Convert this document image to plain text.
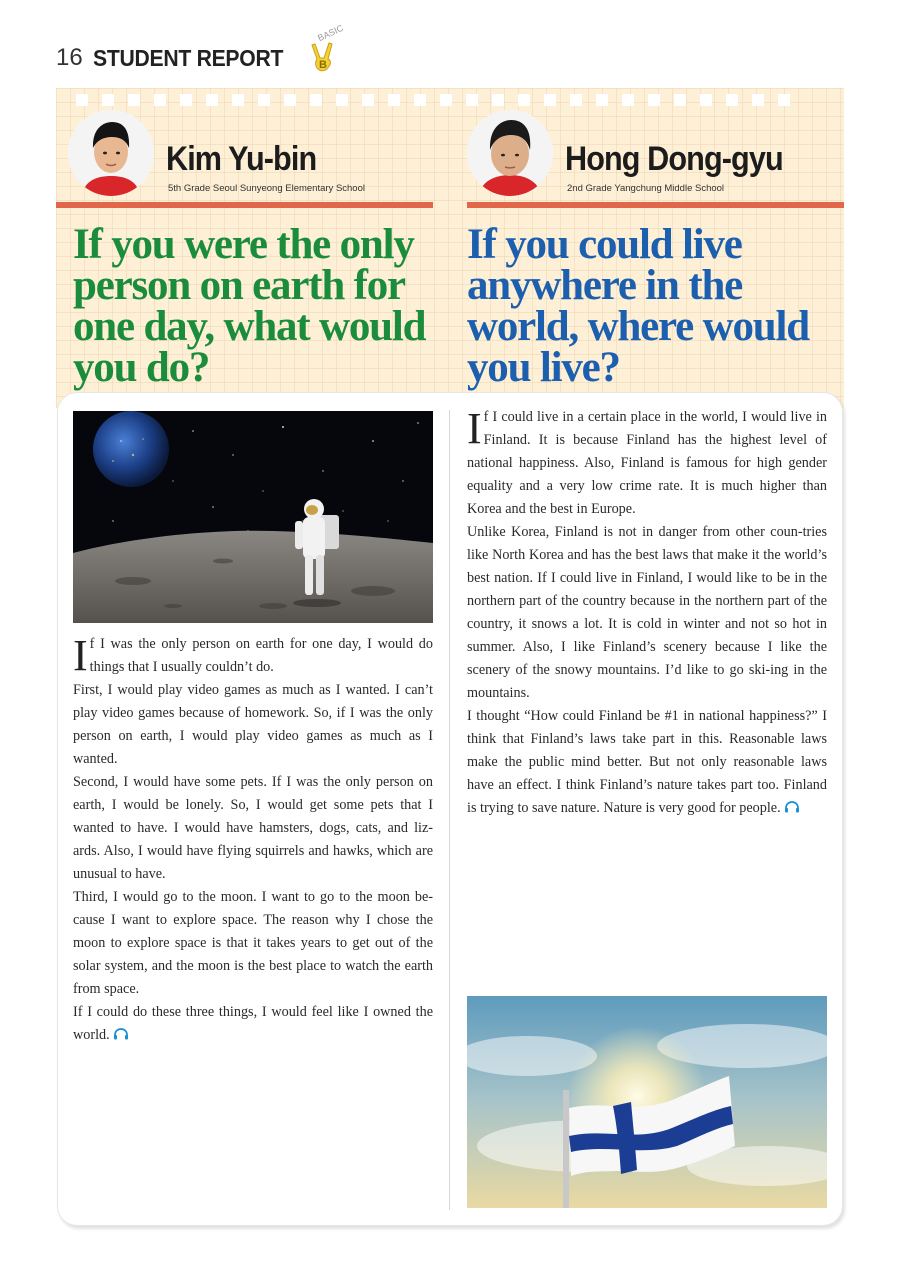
16 STUDENT REPORT
BASIC
B
Kim Yu-bin
5th Grade Seoul Sunyeong Elementary School
Hong Dong-gyu
2nd Grade Yangchung Middle School
If you were the only person on earth for one day, what would you do?
If you could live anywhere in the world, where would you live?

If I was the only person on earth for one day, I would do things that I usually couldn’t do.

First, I would play video games as much as I wanted. I can’t play video games because of homework. So, if I was the only person on earth, I would play video games as much as I wanted.

Second, I would have some pets. If I was the only person on earth, I would be lonely. So, I would get some pets that I wanted to have. I would have hamsters, dogs, cats, and liz-ards. Also, I would have flying squirrels and hawks, which are unusual to have.

Third, I would go to the moon. I want to go to the moon be-cause I want to explore space. The reason why I chose the moon to explore space is that it takes years to get out of the solar system, and the moon is the best place to watch the earth from space.

If I could do these three things, I would feel like I owned the world.

If I could live in a certain place in the world, I would live in Finland. It is because Finland has the highest level of national happiness. Also, Finland is famous for high gender equality and a very low crime rate. It is much higher than Korea and the best in Europe.

Unlike Korea, Finland is not in danger from other coun-tries like North Korea and has the best laws that make it the world’s best nation. If I could live in Finland, I would like to be in the northern part of the country because in the northern part of the country, it snows a lot. It is cold in winter and not so hot in summer. Also, I like Finland’s scenery because I like the scenery of the snowy mountains. I’d like to go ski-ing in the mountains.

I thought “How could Finland be #1 in national happiness?” I think that Finland’s laws take part in this. Reasonable laws make the public mind better. But not only reasonable laws have an effect. I think Finland’s nature takes part too. Finland is trying to save nature. Nature is very good for people.
